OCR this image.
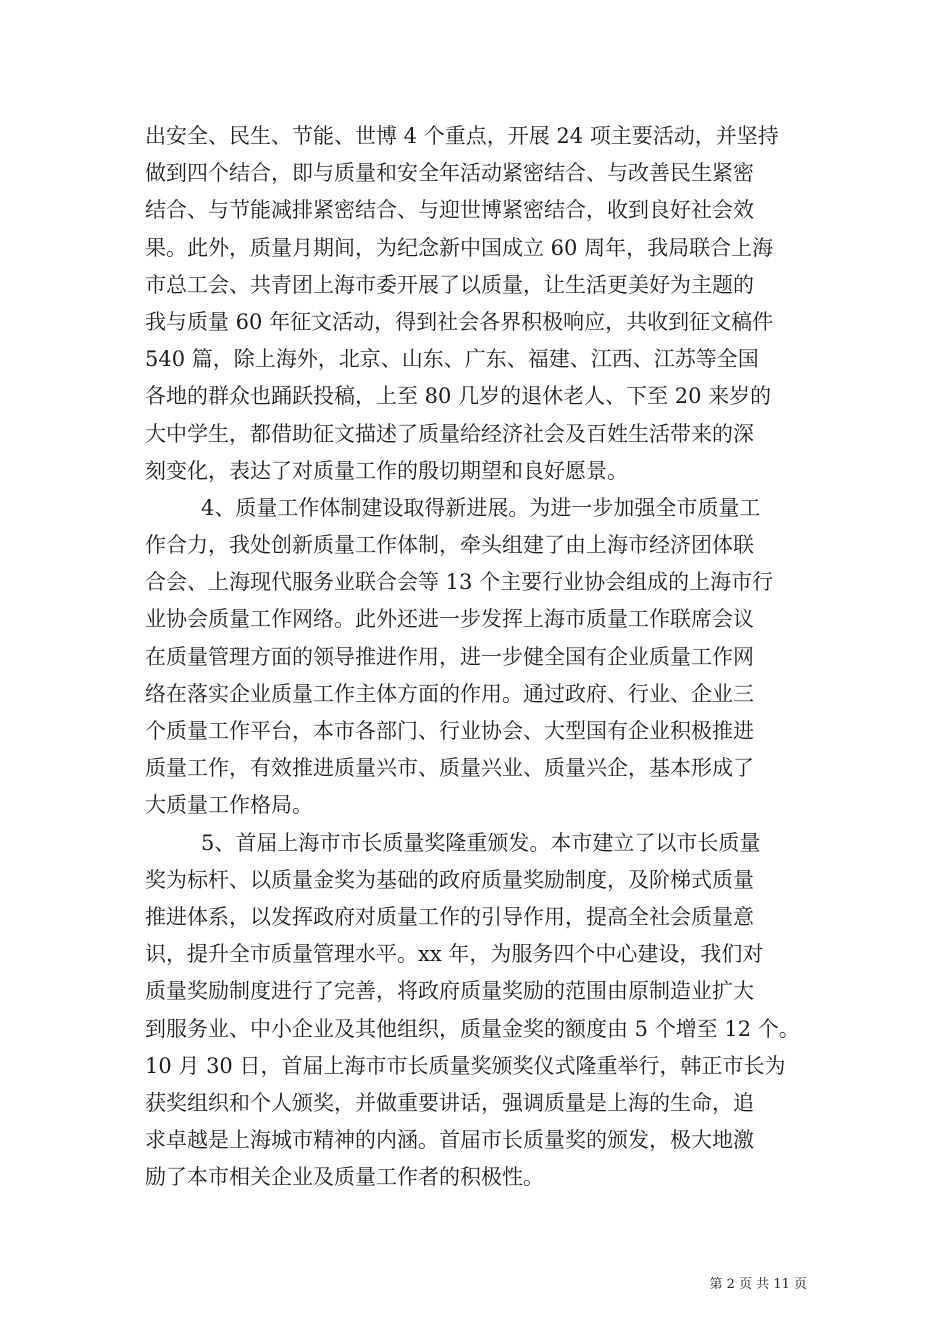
出安全、民生、节能、世博 4 个重点，开展 24 项主要活动，并坚持
做到四个结合，即与质量和安全年活动紧密结合、与改善民生紧密
结合、与节能减排紧密结合、与迎世博紧密结合，收到良好社会效
果。此外，质量月期间，为纪念新中国成立 60 周年，我局联合上海
市总工会、共青团上海市委开展了以质量，让生活更美好为主题的
我与质量 60 年征文活动，得到社会各界积极响应，共收到征文稿件
540 篇，除上海外，北京、山东、广东、福建、江西、江苏等全国
各地的群众也踊跃投稿，上至 80 几岁的退休老人、下至 20 来岁的
大中学生，都借助征文描述了质量给经济社会及百姓生活带来的深
刻变化，表达了对质量工作的殷切期望和良好愿景。
4、质量工作体制建设取得新进展。为进一步加强全市质量工
作合力，我处创新质量工作体制，牵头组建了由上海市经济团体联
合会、上海现代服务业联合会等 13 个主要行业协会组成的上海市行
业协会质量工作网络。此外还进一步发挥上海市质量工作联席会议
在质量管理方面的领导推进作用，进一步健全国有企业质量工作网
络在落实企业质量工作主体方面的作用。通过政府、行业、企业三
个质量工作平台，本市各部门、行业协会、大型国有企业积极推进
质量工作，有效推进质量兴市、质量兴业、质量兴企，基本形成了
大质量工作格局。
5、首届上海市市长质量奖隆重颁发。本市建立了以市长质量
奖为标杆、以质量金奖为基础的政府质量奖励制度，及阶梯式质量
推进体系，以发挥政府对质量工作的引导作用，提高全社会质量意
识，提升全市质量管理水平。xx 年，为服务四个中心建设，我们对
质量奖励制度进行了完善，将政府质量奖励的范围由原制造业扩大
到服务业、中小企业及其他组织，质量金奖的额度由 5 个增至 12 个。
10 月 30 日，首届上海市市长质量奖颁奖仪式隆重举行，韩正市长为
获奖组织和个人颁奖，并做重要讲话，强调质量是上海的生命，追
求卓越是上海城市精神的内涵。首届市长质量奖的颁发，极大地激
励了本市相关企业及质量工作者的积极性。
第 2 页 共 11 页
